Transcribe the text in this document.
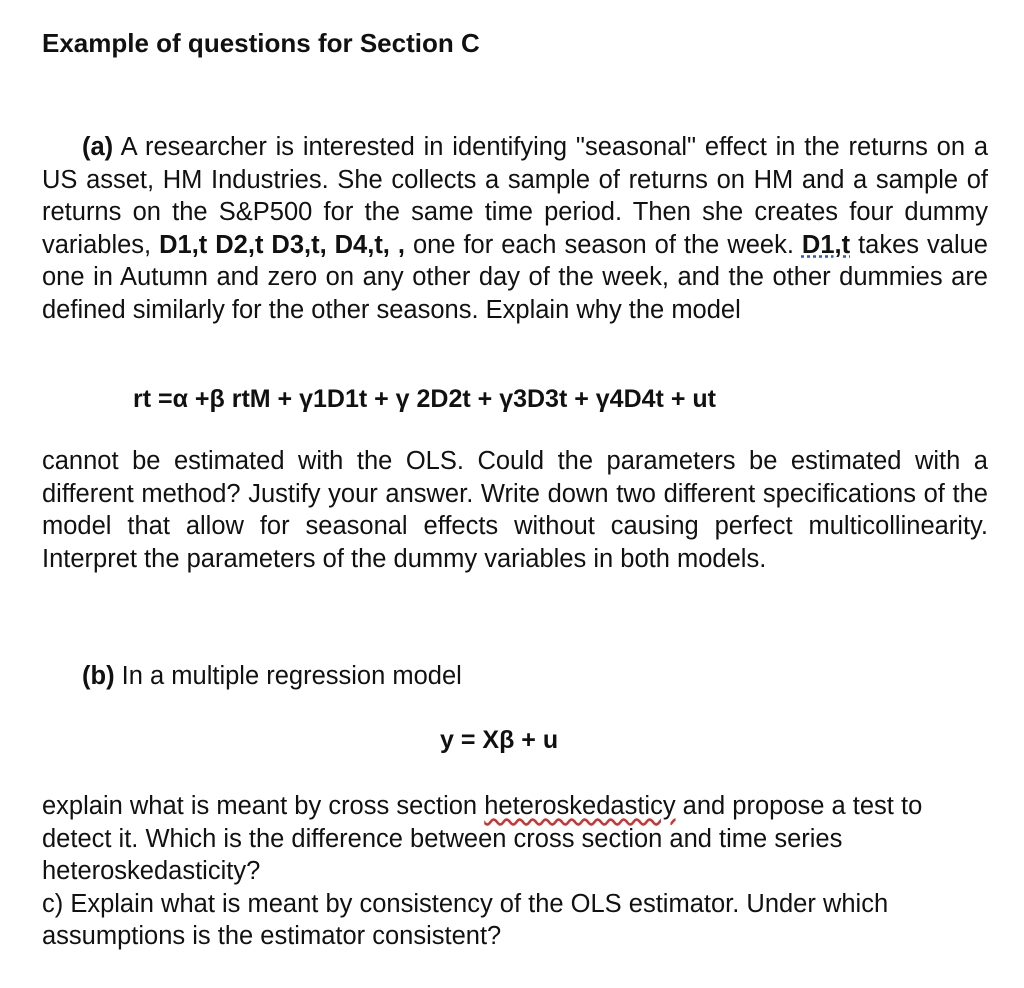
Example of questions for Section C

(a) A researcher is interested in identifying "seasonal" effect in the returns on a US asset, HM Industries. She collects a sample of returns on HM and a sample of returns on the S&P500 for the same time period. Then she creates four dummy variables, D1,t D2,t D3,t, D4,t, , one for each season of the week. D1,t takes value one in Autumn and zero on any other day of the week, and the other dummies are defined similarly for the other seasons. Explain why the model

rt =α +β rtM + γ1D1t + γ 2D2t + γ3D3t + γ4D4t + ut

cannot be estimated with the OLS. Could the parameters be estimated with a different method? Justify your answer. Write down two different specifications of the model that allow for seasonal effects without causing perfect multicollinearity. Interpret the parameters of the dummy variables in both models.

(b) In a multiple regression model

y = Xβ + u

explain what is meant by cross section heteroskedasticy and propose a test to detect it. Which is the difference between cross section and time series heteroskedasticity?
c) Explain what is meant by consistency of the OLS estimator. Under which assumptions is the estimator consistent?
